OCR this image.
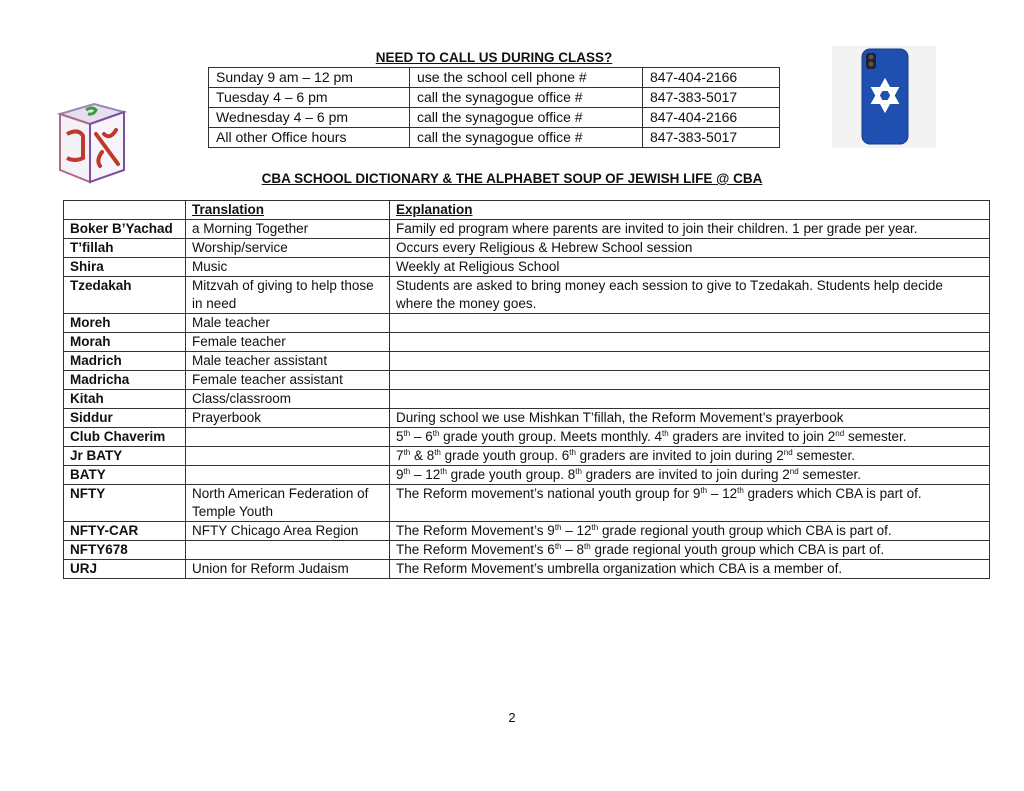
NEED TO CALL US DURING CLASS?
Sunday 9 am – 12 pm	use the school cell phone #	847-404-2166
Tuesday 4 – 6 pm	call the synagogue office #	847-383-5017
Wednesday 4 – 6 pm	call the synagogue office #	847-404-2166
All other Office hours	call the synagogue office #	847-383-5017
CBA SCHOOL DICTIONARY & THE ALPHABET SOUP OF JEWISH LIFE @ CBA
	Translation	Explanation
Boker B’Yachad	a Morning Together	Family ed program where parents are invited to join their children. 1 per grade per year.
T’fillah	Worship/service	Occurs every Religious & Hebrew School session
Shira	Music	Weekly at Religious School
Tzedakah	Mitzvah of giving to help those in need	Students are asked to bring money each session to give to Tzedakah. Students help decide where the money goes.
Moreh	Male teacher	
Morah	Female teacher	
Madrich	Male teacher assistant	
Madricha	Female teacher assistant	
Kitah	Class/classroom	
Siddur	Prayerbook	During school we use Mishkan T’fillah, the Reform Movement’s prayerbook
Club Chaverim		5th – 6th grade youth group. Meets monthly. 4th graders are invited to join 2nd semester.
Jr BATY		7th & 8th grade youth group. 6th graders are invited to join during 2nd semester.
BATY		9th – 12th grade youth group. 8th graders are invited to join during 2nd semester.
NFTY	North American Federation of Temple Youth	The Reform movement’s national youth group for 9th – 12th graders which CBA is part of.
NFTY-CAR	NFTY Chicago Area Region	The Reform Movement’s 9th – 12th grade regional youth group which CBA is part of.
NFTY678		The Reform Movement’s 6th – 8th grade regional youth group which CBA is part of.
URJ	Union for Reform Judaism	The Reform Movement’s umbrella organization which CBA is a member of.
2
